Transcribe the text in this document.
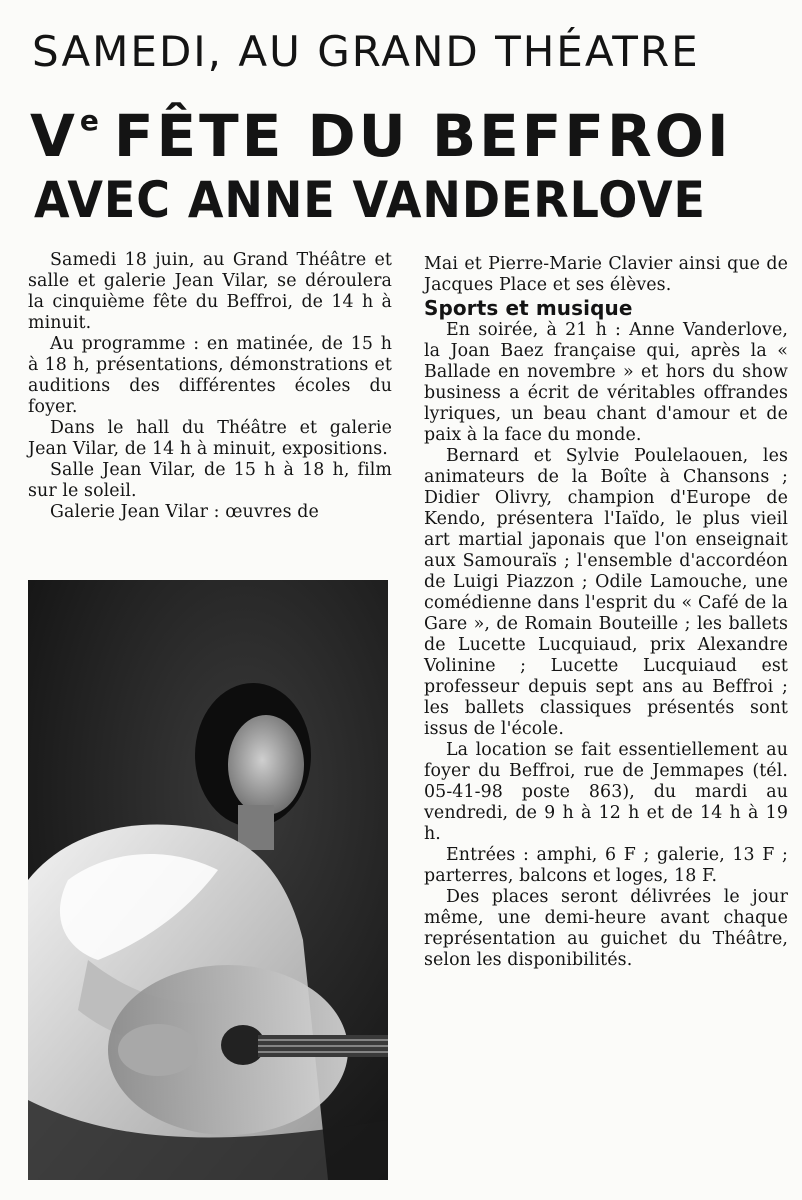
SAMEDI, AU GRAND THÉATRE
Ve FÊTE DU BEFFROI
AVEC ANNE VANDERLOVE

Samedi 18 juin, au Grand Théâtre et salle et galerie Jean Vilar, se déroulera la cinquième fête du Beffroi, de 14 h à minuit.

Au programme : en matinée, de 15 h à 18 h, présentations, démonstrations et auditions des différentes écoles du foyer.

Dans le hall du Théâtre et galerie Jean Vilar, de 14 h à minuit, expositions.

Salle Jean Vilar, de 15 h à 18 h, film sur le soleil.

Galerie Jean Vilar : œuvres de

Mai et Pierre-Marie Clavier ainsi que de Jacques Place et ses élèves.

Sports et musique

En soirée, à 21 h : Anne Vanderlove, la Joan Baez française qui, après la « Ballade en novembre » et hors du show business a écrit de véritables offrandes lyriques, un beau chant d'amour et de paix à la face du monde.

Bernard et Sylvie Poulelaouen, les animateurs de la Boîte à Chansons ; Didier Olivry, champion d'Europe de Kendo, présentera l'Iaïdo, le plus vieil art martial japonais que l'on enseignait aux Samouraïs ; l'ensemble d'accordéon de Luigi Piazzon ; Odile Lamouche, une comédienne dans l'esprit du « Café de la Gare », de Romain Bouteille ; les ballets de Lucette Lucquiaud, prix Alexandre Volinine ; Lucette Lucquiaud est professeur depuis sept ans au Beffroi ; les ballets classiques présentés sont issus de l'école.

La location se fait essentiellement au foyer du Beffroi, rue de Jemmapes (tél. 05-41-98 poste 863), du mardi au vendredi, de 9 h à 12 h et de 14 h à 19 h.

Entrées : amphi, 6 F ; galerie, 13 F ; parterres, balcons et loges, 18 F.

Des places seront délivrées le jour même, une demi-heure avant chaque représentation au guichet du Théâtre, selon les disponibilités.
